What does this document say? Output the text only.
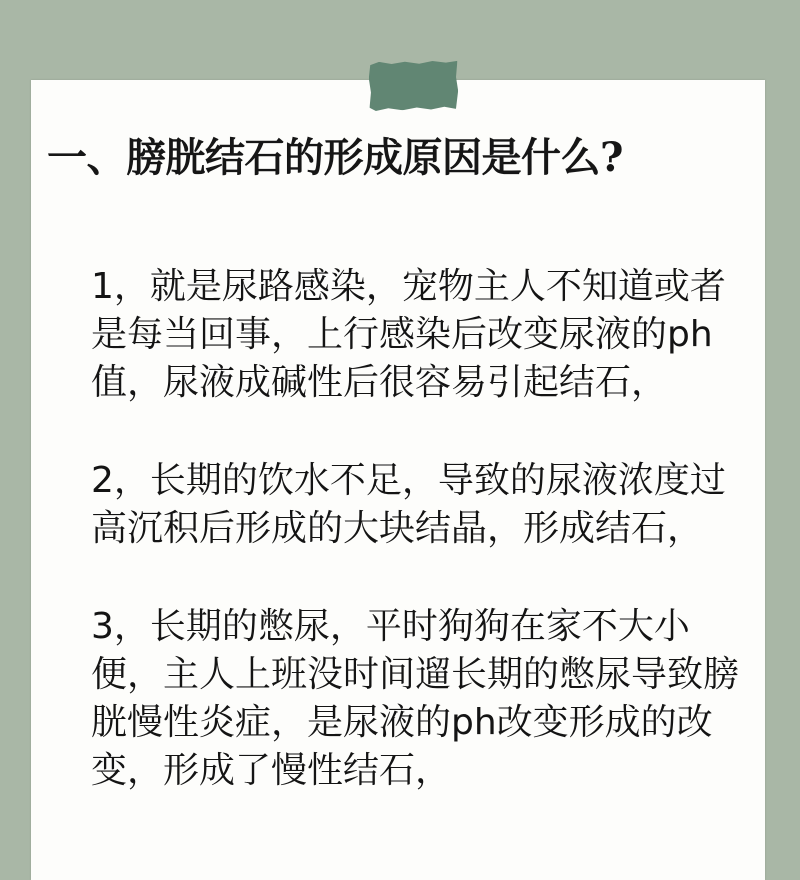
一、膀胱结石的形成原因是什么?

1，就是尿路感染，宠物主人不知道或者是每当回事，上行感染后改变尿液的ph值，尿液成碱性后很容易引起结石，

2，长期的饮水不足，导致的尿液浓度过高沉积后形成的大块结晶，形成结石，

3，长期的憋尿，平时狗狗在家不大小便，主人上班没时间遛长期的憋尿导致膀胱慢性炎症，是尿液的ph改变形成的改变，形成了慢性结石，
